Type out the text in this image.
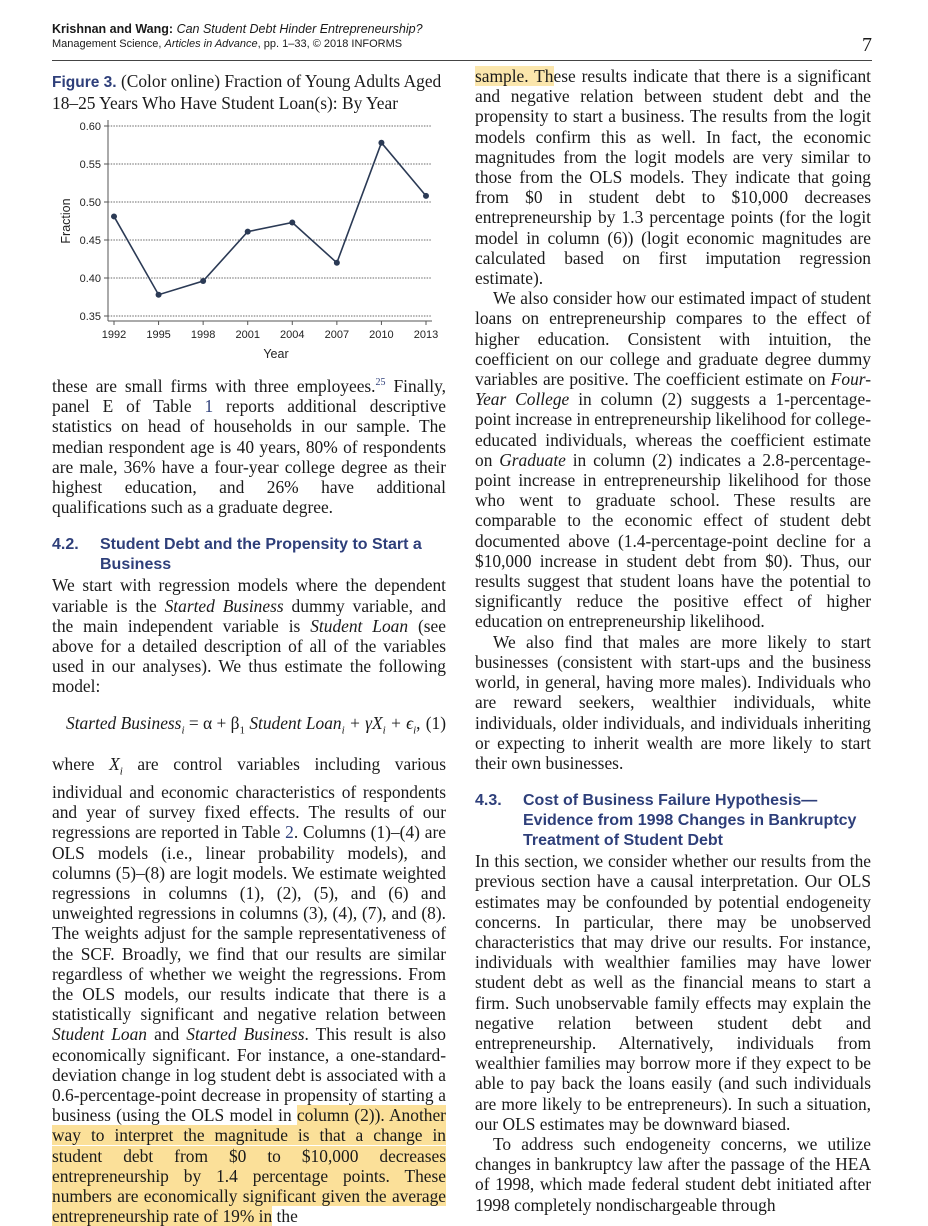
Krishnan and Wang: Can Student Debt Hinder Entrepreneurship?
Management Science, Articles in Advance, pp. 1–33, © 2018 INFORMS	7
Figure 3. (Color online) Fraction of Young Adults Aged 18–25 Years Who Have Student Loan(s): By Year
0.35
0.40
0.45
0.50
0.55
0.60
1992 1995 1998 2001 2004 2007 2010 2013
Year
Fraction

these are small firms with three employees.$^{25}$ Finally, panel E of Table 1 reports additional descriptive statistics on head of households in our sample. The median respondent age is 40 years, 80% of respondents are male, 36% have a four-year college degree as their highest education, and 26% have additional qualifications such as a graduate degree.

4.2.	Student Debt and the Propensity to Start a Business

We start with regression models where the dependent variable is the Started Business dummy variable, and the main independent variable is Student Loan (see above for a detailed description of all of the variables used in our analyses). We thus estimate the following model:

Started Business$_i$ = $\alpha + \beta_1$ Student Loan$_i$ + $\gamma X_i + \epsilon_i$, (1)

where $X_i$ are control variables including various individual and economic characteristics of respondents and year of survey fixed effects. The results of our regressions are reported in Table 2. Columns (1)–(4) are OLS models (i.e., linear probability models), and columns (5)–(8) are logit models. We estimate weighted regressions in columns (1), (2), (5), and (6) and unweighted regressions in columns (3), (4), (7), and (8). The weights adjust for the sample representativeness of the SCF. Broadly, we find that our results are similar regardless of whether we weight the regressions. From the OLS models, our results indicate that there is a statistically significant and negative relation between Student Loan and Started Business. This result is also economically significant. For instance, a one-standard-deviation change in log student debt is associated with a 0.6-percentage-point decrease in propensity of starting a business (using the OLS model in column (2)). Another way to interpret the magnitude is that a change in student debt from $0 to $10,000 decreases entrepreneurship by 1.4 percentage points. These numbers are economically significant given the average entrepreneurship rate of 19% in the

sample. These results indicate that there is a significant and negative relation between student debt and the propensity to start a business. The results from the logit models confirm this as well. In fact, the economic magnitudes from the logit models are very similar to those from the OLS models. They indicate that going from $0 in student debt to $10,000 decreases entrepreneurship by 1.3 percentage points (for the logit model in column (6)) (logit economic magnitudes are calculated based on first imputation regression estimate).

We also consider how our estimated impact of student loans on entrepreneurship compares to the effect of higher education. Consistent with intuition, the coefficient on our college and graduate degree dummy variables are positive. The coefficient estimate on Four-Year College in column (2) suggests a 1-percentage-point increase in entrepreneurship likelihood for college-educated individuals, whereas the coefficient estimate on Graduate in column (2) indicates a 2.8-percentage-point increase in entrepreneurship likelihood for those who went to graduate school. These results are comparable to the economic effect of student debt documented above (1.4-percentage-point decline for a $10,000 increase in student debt from $0). Thus, our results suggest that student loans have the potential to significantly reduce the positive effect of higher education on entrepreneurship likelihood.

We also find that males are more likely to start businesses (consistent with start-ups and the business world, in general, having more males). Individuals who are reward seekers, wealthier individuals, white individuals, older individuals, and individuals inheriting or expecting to inherit wealth are more likely to start their own businesses.

4.3.	Cost of Business Failure Hypothesis—Evidence from 1998 Changes in Bankruptcy Treatment of Student Debt

In this section, we consider whether our results from the previous section have a causal interpretation. Our OLS estimates may be confounded by potential endogeneity concerns. In particular, there may be unobserved characteristics that may drive our results. For instance, individuals with wealthier families may have lower student debt as well as the financial means to start a firm. Such unobservable family effects may explain the negative relation between student debt and entrepreneurship. Alternatively, individuals from wealthier families may borrow more if they expect to be able to pay back the loans easily (and such individuals are more likely to be entrepreneurs). In such a situation, our OLS estimates may be downward biased.

To address such endogeneity concerns, we utilize changes in bankruptcy law after the passage of the HEA of 1998, which made federal student debt initiated after 1998 completely nondischargeable through
